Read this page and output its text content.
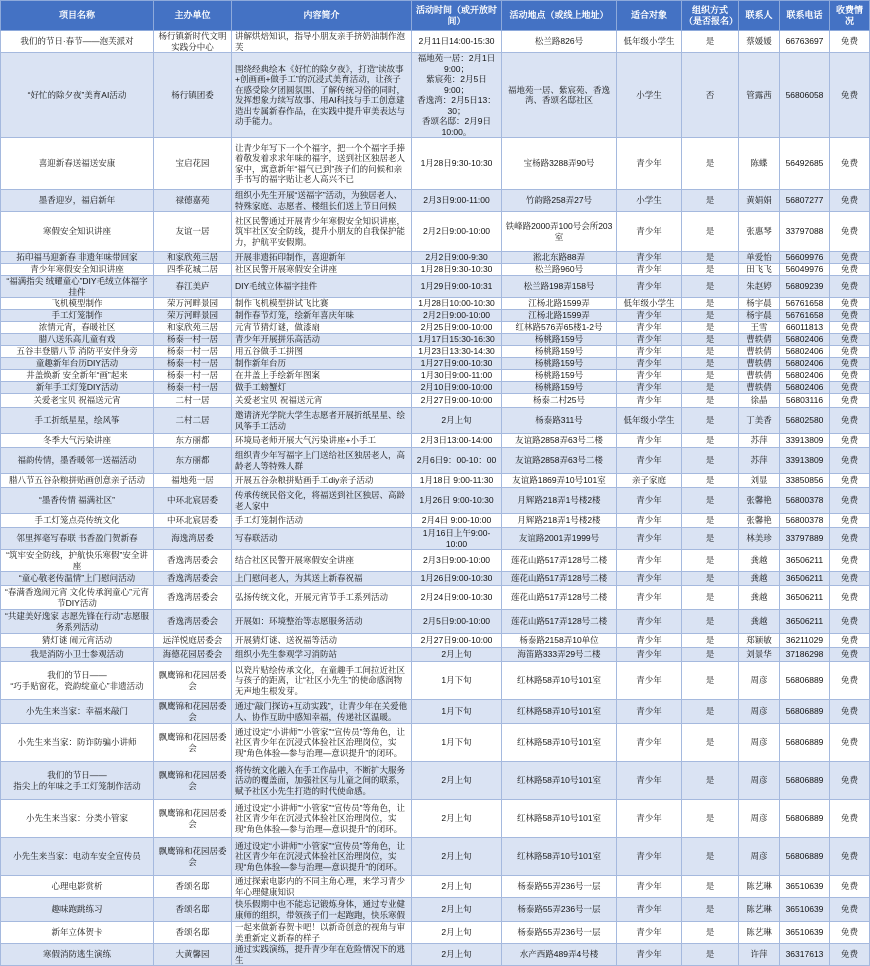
项目名称	主办单位	内容简介	活动时间（或开放时间）	活动地点（或线上地址）	适合对象	组织方式（是否报名）	联系人	联系电话	收费情况
我们的节日·春节——泡芙派对	杨行镇新时代文明实践分中心	讲解烘焙知识，指导小朋友亲手挤奶油制作泡芙	2月11日14:00-15:30	松兰路826号	低年级小学生	是	蔡媛媛	66763697	免费
“好忙的除夕夜”美育AI活动	杨行镇团委	围绕经典绘本《好忙的除夕夜》，打造“读故事+创画画+做手工”的沉浸式美育活动，让孩子在感受除夕团圆氛围、了解传统习俗的同时，发挥想象力续写故事、用AI科技与手工创意建造出专属新春作品，在实践中提升审美表达与动手能力。	福地苑一居：2月1日9:00；
紫宸苑：2月5日9:00；
香逸湾：2月5日13：30；
香颂名邸：2月9日10:00。	福地苑一居、紫宸苑、香逸湾、香颂名邸社区	小学生	否	管露茜	56806058	免费
喜迎新春送福送安康	宝启花园	让青少年写下一个个福字，把一个个福字手捧着敬发着求求年味的福字，送到社区独居老人家中，寓意新年“福气已到”孩子们的问候和亲手书写的福字贴让老人高兴不已	1月28日9:30-10:30	宝杨路3288弄90号	青少年	是	陈蝶	56492685	免费
墨香迎岁，福启新年	禄德嘉苑	组织小先生开展“送福字”活动，为独居老人、特殊家庭、志愿者、楼组长们送上节日问候	2月3日9:00-11:00	竹韵路258弄27号	小学生	是	黄娟娟	56807277	免费
寒假安全知识讲座	友谊一居	社区民警通过开展青少年寒假安全知识讲座，筑牢社区安全防线，提升小朋友的自我保护能力，护航平安假期。	2月2日9:00-10:00	铁峰路2000弄100号会所203室	青少年	是	张惠琴	33797088	免费
拓印福马迎新春 非遗年味带回家	和家欣苑三居	开展非遗拓印制作，喜迎新年	2月2日9:00-9:30	淞北东路88弄	青少年	是	单爱怡	56609976	免费
青少年寒假安全知识讲座	四季花城二居	社区民警开展寒假安全讲座	1月28日9:30-10:30	松兰路960号	青少年	是	田飞飞	56049976	免费
“福满指尖 绒耀童心”DIY毛绒立体福字挂件	春江美庐	DIY毛绒立体福字挂件	1月29日9:00-10:31	松兰路198弄158号	青少年	是	朱赵婷	56809239	免费
飞机模型制作	荣万河畔景园	制作飞机模型拼试飞比赛	1月28日10:00-10:30	江杨北路1599弄	低年级小学生	是	杨宇晨	56761658	免费
手工灯笼制作	荣万河畔景园	制作春节灯笼，绘新年喜庆年味	2月2日9:00-10:00	江杨北路1599弄	青少年	是	杨宇晨	56761658	免费
浓情元宵，春暖社区	和家欣苑三居	元宵节猜灯谜，做漆扇	2月25日9:00-10:00	红林路576弄65楼1-2号	青少年	是	王雪	66011813	免费
腊八送乐高儿童有戏	杨泰一村一居	青少年开展拼乐高活动	1月17日15:30-16:30	杨桃路159号	青少年	是	曹轶倩	56802406	免费
五谷丰登腊八节 消防平安伴身旁	杨泰一村一居	用五谷做手工拼图	1月23日13:30-14:30	杨桃路159号	青少年	是	曹轶倩	56802406	免费
童趣新年台历DIY活动	杨泰一村一居	制作新年台历	1月27日9:00-10:30	杨桃路159号	青少年	是	曹轶倩	56802406	免费
井盖焕新 安全新年“画”起来	杨泰一村一居	在井盖上手绘新年图案	1月30日9:00-11:00	杨桃路159号	青少年	是	曹轶倩	56802406	免费
新年手工灯笼DIY活动	杨泰一村一居	做手工螃蟹灯	2月10日9:00-10:00	杨桃路159号	青少年	是	曹轶倩	56802406	免费
关爱老宝贝 祝福送元宵	二村一居	关爱老宝贝 祝福送元宵	2月27日9:00-10:00	杨泰二村25号	青少年	是	徐晶	56803116	免费
手工折纸星星，绘风筝	二村二居	邀请济光学院大学生志愿者开展折纸星星、绘风筝手工活动	2月上旬	杨泰路311号	低年级小学生	是	丁美香	56802580	免费
冬季大气污染讲座	东方丽都	环境局老师开展大气污染讲座+小手工	2月3日13:00-14:00	友谊路2858弄63号二楼	青少年	是	苏萍	33913809	免费
福韵传情，墨香暖邻一送福活动	东方丽都	组织青少年写福字上门送给社区独居老人，高龄老人等特殊人群	2月6日9：00-10：00	友谊路2858弄63号二楼	青少年	是	苏萍	33913809	免费
腊八节五谷杂粮拼贴画创意亲子活动	福地苑一居	开展五谷杂粮拼贴画手工diy亲子活动	1月18日 9:00-11:30	友谊路1869弄10号101室	亲子家庭	是	刘显	33850856	免费
“墨香传情 福满社区”	中环北宸居委	传承传统民俗文化，将福送到社区独居、高龄老人家中	1月26日 9:00-10:30	月辉路218弄1号楼2楼	青少年	是	张馨艳	56800378	免费
手工灯笼点亮传统文化	中环北宸居委	手工灯笼制作活动	2月4日 9:00-10:00	月辉路218弄1号楼2楼	青少年	是	张馨艳	56800378	免费
邻里挥毫写春联 书香盈门贺新春	海逸湾居委	写春联活动	1月16日上午9:00-10:00	友谊路2001弄1999号	青少年	是	林美珍	33797889	免费
“筑牢安全防线，护航快乐寒假”安全讲座	香逸湾居委会	结合社区民警开展寒假安全讲座	2月3日9:00-10:00	莲花山路517弄128号二楼	青少年	是	龚越	36506211	免费
“童心敬老传温情”上门慰问活动	香逸湾居委会	上门慰问老人，为其送上新春祝福	1月26日9:00-10:30	莲花山路517弄128号二楼	青少年	是	龚越	36506211	免费
“春满香逸闹元宵 文化传承润童心”元宵节DIY活动	香逸湾居委会	弘扬传统文化，开展元宵节手工系列活动	2月24日9:00-10:30	莲花山路517弄128号二楼	青少年	是	龚越	36506211	免费
“共建美好逸家 志愿先锋在行动”志愿服务系列活动	香逸湾居委会	开展如：环境整治等志愿服务活动	2月5日9:00-10:00	莲花山路517弄128号二楼	青少年	是	龚越	36506211	免费
猜灯谜 闹元宵活动	远洋悦庭居委会	开展猜灯谜、送祝福等活动	2月27日9:00-10:00	杨泰路2158弄10单位	青少年	是	郑颖敏	36211029	免费
我是消防小卫士参观活动	海德花园居委会	组织小先生参观学习消防站	2月上旬	海笛路333弄29号二楼	青少年	是	刘景华	37186298	免费
我们的节日——
“巧手贴窗花，瓷韵绽童心”非遗活动	飘鹰锦和花园居委会	以瓷片贴绘传承文化，在童趣手工间拉近社区与孩子的距离，让“社区小先生”的使命感润物无声地生根发芽。	1月下旬	红林路58弄10号101室	青少年	是	周彦	56806889	免费
小先生来当家：幸福来敲门	飘鹰锦和花园居委会	通过“敲门探访+互动实践”，让青少年在关爱他人、协作互助中感知幸福，传递社区温暖。	1月下旬	红林路58弄10号101室	青少年	是	周彦	56806889	免费
小先生来当家：防诈防骗小讲师	飘鹰锦和花园居委会	通过设定“小讲师”“小管家”“宣传员”等角色，让社区青少年在沉浸式体验社区治理岗位，实现“角色体验—参与治理—意识提升”的闭环。	1月下旬	红林路58弄10号101室	青少年	是	周彦	56806889	免费
我们的节日——
指尖上的年味之手工灯笼制作活动	飘鹰锦和花园居委会	将传统文化融入在手工作品中，不断扩大服务活动的覆盖面，加强社区与儿童之间的联系，赋予社区小先生打造的时代使命感。	2月上旬	红林路58弄10号101室	青少年	是	周彦	56806889	免费
小先生来当家：分类小管家	飘鹰锦和花园居委会	通过设定“小讲师”“小管家”“宣传员”等角色，让社区青少年在沉浸式体验社区治理岗位，实现“角色体验—参与治理—意识提升”的闭环。	2月上旬	红林路58弄10号101室	青少年	是	周彦	56806889	免费
小先生来当家：电动车安全宣传员	飘鹰锦和花园居委会	通过设定“小讲师”“小管家”“宣传员”等角色，让社区青少年在沉浸式体验社区治理岗位，实现“角色体验—参与治理—意识提升”的闭环。	2月上旬	红林路58弄10号101室	青少年	是	周彦	56806889	免费
心理电影赏析	香颂名邸	通过探索电影内的不同主角心理，来学习青少年心理健康知识	2月上旬	杨泰路55弄236号一层	青少年	是	陈艺琳	36510639	免费
趣味跑跳练习	香颂名邸	快乐假期中也不能忘记锻炼身体，通过专业健康师的组织，带领孩子们一起跑跑，快乐寒假	2月上旬	杨泰路55弄236号一层	青少年	是	陈艺琳	36510639	免费
新年立体贺卡	香颂名邸	一起来做新春贺卡吧！以新奇创意的视角与审美重新定义新春的样子	2月上旬	杨泰路55弄236号一层	青少年	是	陈艺琳	36510639	免费
寒假消防逃生演练	大黄馨园	通过实践演练，提升青少年在危险情况下的逃生	2月上旬	水产西路489弄4号楼	青少年	是	许萍	36317613	免费
